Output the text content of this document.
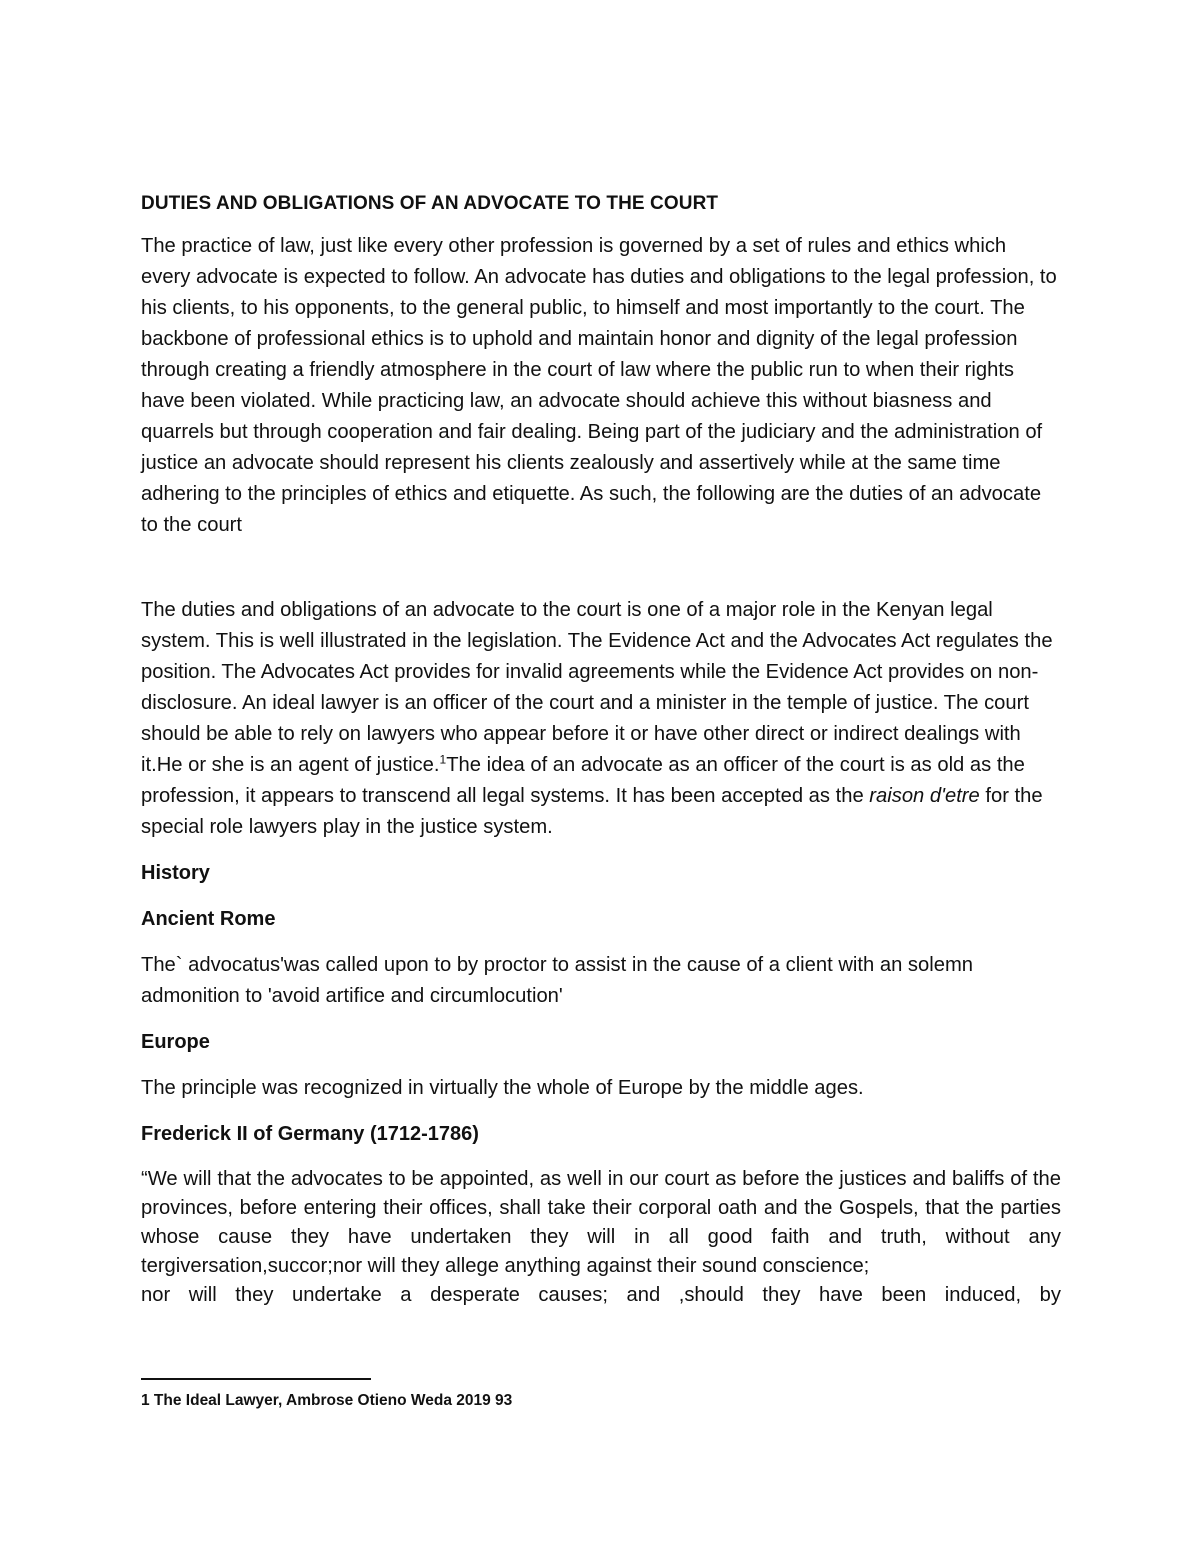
DUTIES AND OBLIGATIONS OF AN ADVOCATE TO THE COURT

The practice of law, just like every other profession is governed by a set of rules and ethics which every advocate is expected to follow. An advocate has duties and obligations to the legal profession, to his clients, to his opponents, to the general public, to himself and most importantly to the court. The backbone of professional ethics is to uphold and maintain honor and dignity of the legal profession through creating a friendly atmosphere in the court of law where the public run to when their rights have been violated. While practicing law, an advocate should achieve this without biasness and quarrels but through cooperation and fair dealing. Being part of the judiciary and the administration of justice an advocate should represent his clients zealously and assertively while at the same time adhering to the principles of ethics and etiquette. As such, the following are the duties of an advocate to the court

The duties and obligations of an advocate to the court is one of a major role in the Kenyan legal system. This is well illustrated in the legislation. The Evidence Act and the Advocates Act regulates the position. The Advocates Act provides for invalid agreements while the Evidence Act provides on non-disclosure. An ideal lawyer is an officer of the court and a minister in the temple of justice. The court should be able to rely on lawyers who appear before it or have other direct or indirect dealings with it.He or she is an agent of justice.$^1$The idea of an advocate as an officer of the court is as old as the profession, it appears to transcend all legal systems. It has been accepted as the raison d'etre for the special role lawyers play in the justice system.

History
Ancient Rome

The` advocatus'was called upon to by proctor to assist in the cause of a client with an solemn admonition to 'avoid artifice and circumlocution'

Europe

The principle was recognized in virtually the whole of Europe by the middle ages.

Frederick II of Germany (1712-1786)

“We will that the advocates to be appointed, as well in our court as before the justices and baliffs of the provinces, before entering their offices, shall take their corporal oath and the Gospels, that the parties whose cause they have undertaken they will in all good faith and truth, without any tergiversation,succor;nor will they allege anything against their sound conscience;
nor will they undertake a desperate causes; and ,should they have been induced, by

1 The Ideal Lawyer, Ambrose Otieno Weda 2019 93
